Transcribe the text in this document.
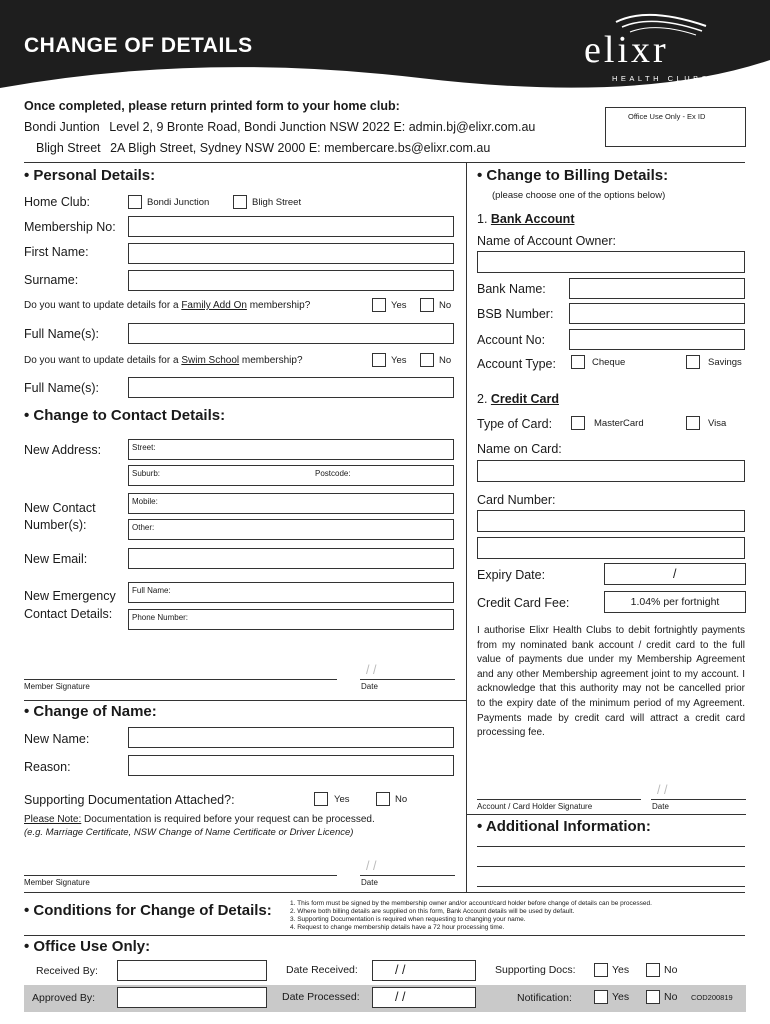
CHANGE OF DETAILS	elixr
HEALTH CLUBS
Once completed, please return printed form to your home club:
Bondi Juntion Level 2, 9 Bronte Road, Bondi Junction NSW 2022 E: admin.bj@elixr.com.au
Bligh Street 2A Bligh Street, Sydney NSW 2000 E: membercare.bs@elixr.com.au
Office Use Only - Ex ID
• Personal Details:
Home Club:	Bondi Junction	Bligh Street
Membership No:
First Name:
Surname:
Do you want to update details for a Family Add On membership?	Yes	No
Full Name(s):
Do you want to update details for a Swim School membership?	Yes	No
Full Name(s):
• Change to Contact Details:
New Address:	Street:
Suburb:	Postcode:
New Contact
Number(s):
Mobile:
Other:
New Email:
New Emergency
Contact Details:
Full Name:
Phone Number:
Member Signature
/ /
Date
• Change of Name:
New Name:
Reason:
Supporting Documentation Attached?:	Yes	No
Please Note: Documentation is required before your request can be processed.
(e.g. Marriage Certificate, NSW Change of Name Certificate or Driver Licence)
Member Signature
/ /
Date
• Change to Billing Details:
(please choose one of the options below)
1. Bank Account
Name of Account Owner:
Bank Name:
BSB Number:
Account No:
Account Type:	Cheque	Savings
2. Credit Card
Type of Card:	MasterCard	Visa
Name on Card:
Card Number:
Expiry Date:	/
Credit Card Fee:	1.04% per fortnight
I authorise Elixr Health Clubs to debit fortnightly payments from my nominated bank account / credit card to the full value of payments due under my Membership Agreement and any other Membership agreement joint to my account. I acknowledge that this authority may not be cancelled prior to the expiry date of the minimum period of my Agreement. Payments made by credit card will attract a credit card processing fee.
Account / Card Holder Signature
/ /
Date
• Additional Information:
• Conditions for Change of Details:	1. This form must be signed by the membership owner and/or account/card holder before change of details can be processed.
2. Where both billing details are supplied on this form, Bank Account details will be used by default.
3. Supporting Documentation is required when requesting to changing your name.
4. Request to change membership details have a 72 hour processing time.
• Office Use Only:
Received By:	Date Received:	/ /	Supporting Docs:	Yes	No
Approved By:	Date Processed:	/ /	Notification:	Yes	No COD200819
